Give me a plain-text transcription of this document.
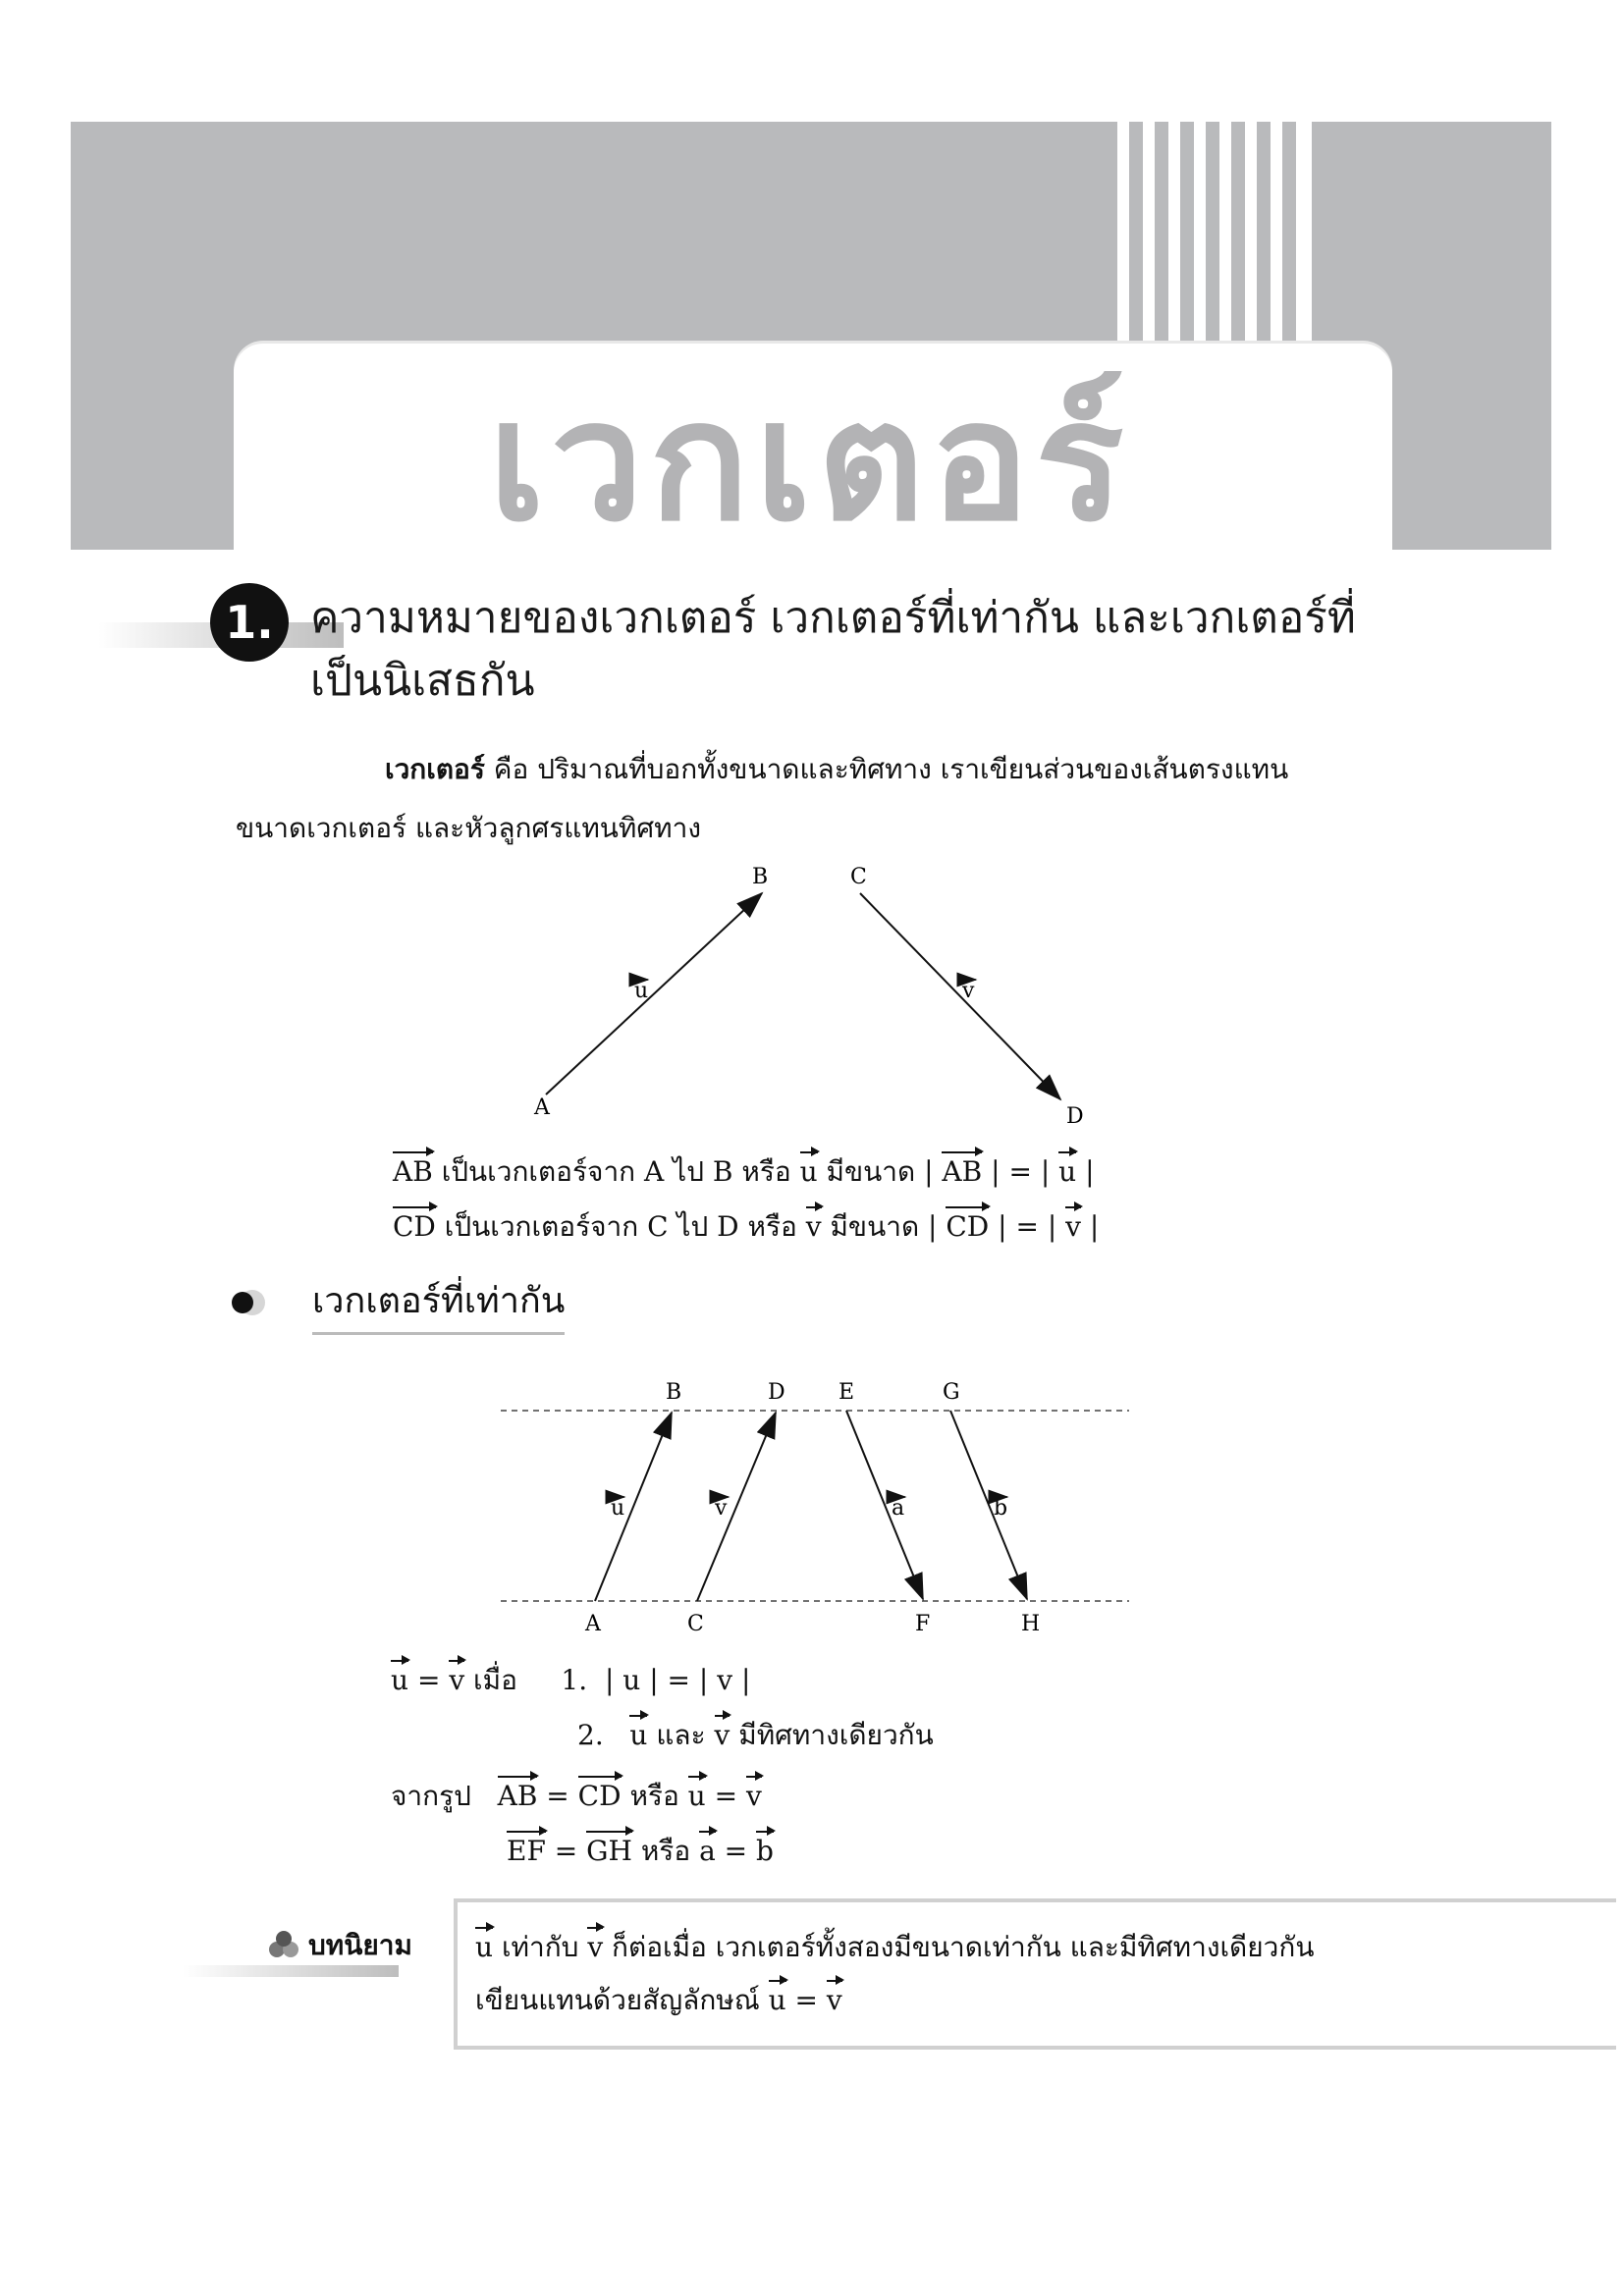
เวกเตอร์
1. ความหมายของเวกเตอร์ เวกเตอร์ที่เท่ากัน และเวกเตอร์ที่เป็นนิเสธกัน
เวกเตอร์ คือ ปริมาณที่บอกทั้งขนาดและทิศทาง เราเขียนส่วนของเส้นตรงแทน
ขนาดเวกเตอร์ และหัวลูกศรแทนทิศทาง
A
B	C
D
u	v
AB เป็นเวกเตอร์จาก A ไป B หรือ u มีขนาด | AB | = | u |
CD เป็นเวกเตอร์จาก C ไป D หรือ v มีขนาด | CD | = | v |
เวกเตอร์ที่เท่ากัน
B	D E	G
A	C	F	H
u	v	a	b
u = v เมื่อ 1. | u | = | v |
2. u และ v มีทิศทางเดียวกัน
จากรูป AB = CD หรือ u = v
EF = GH หรือ a = b
บทนิยาม u เท่ากับ v ก็ต่อเมื่อ เวกเตอร์ทั้งสองมีขนาดเท่ากัน และมีทิศทางเดียวกัน
เขียนแทนด้วยสัญลักษณ์ u = v
